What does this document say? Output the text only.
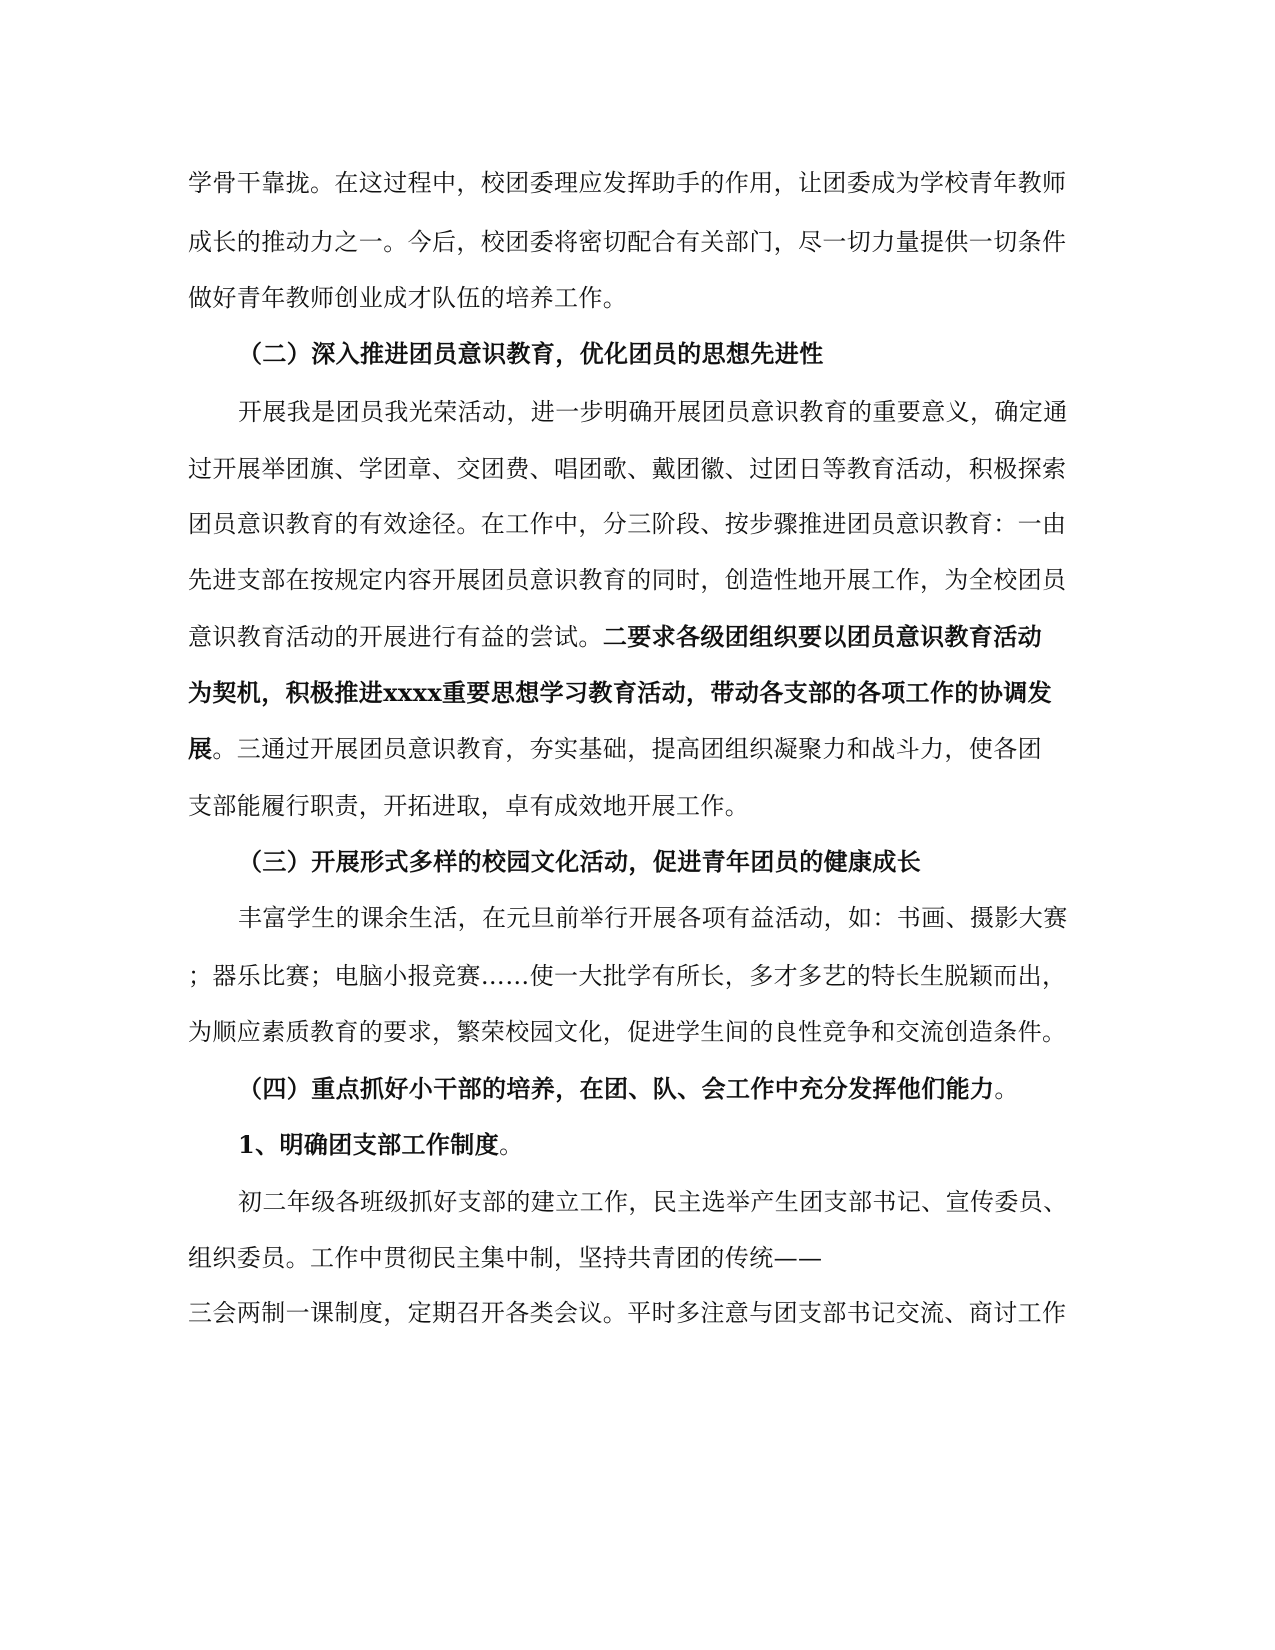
学骨干靠拢。在这过程中，校团委理应发挥助手的作用，让团委成为学校青年教师
成长的推动力之一。今后，校团委将密切配合有关部门，尽一切力量提供一切条件
做好青年教师创业成才队伍的培养工作。
（二）深入推进团员意识教育，优化团员的思想先进性
开展我是团员我光荣活动，进一步明确开展团员意识教育的重要意义，确定通
过开展举团旗、学团章、交团费、唱团歌、戴团徽、过团日等教育活动，积极探索
团员意识教育的有效途径。在工作中，分三阶段、按步骤推进团员意识教育：一由
先进支部在按规定内容开展团员意识教育的同时，创造性地开展工作，为全校团员
意识教育活动的开展进行有益的尝试。二要求各级团组织要以团员意识教育活动
为契机，积极推进xxxx重要思想学习教育活动，带动各支部的各项工作的协调发
展。三通过开展团员意识教育，夯实基础，提高团组织凝聚力和战斗力，使各团
支部能履行职责，开拓进取，卓有成效地开展工作。
（三）开展形式多样的校园文化活动，促进青年团员的健康成长
丰富学生的课余生活，在元旦前举行开展各项有益活动，如：书画、摄影大赛
；器乐比赛；电脑小报竞赛……使一大批学有所长，多才多艺的特长生脱颖而出，
为顺应素质教育的要求，繁荣校园文化，促进学生间的良性竞争和交流创造条件。
（四）重点抓好小干部的培养，在团、队、会工作中充分发挥他们能力。
1、明确团支部工作制度。
初二年级各班级抓好支部的建立工作，民主选举产生团支部书记、宣传委员、
组织委员。工作中贯彻民主集中制，坚持共青团的传统——
三会两制一课制度，定期召开各类会议。平时多注意与团支部书记交流、商讨工作
